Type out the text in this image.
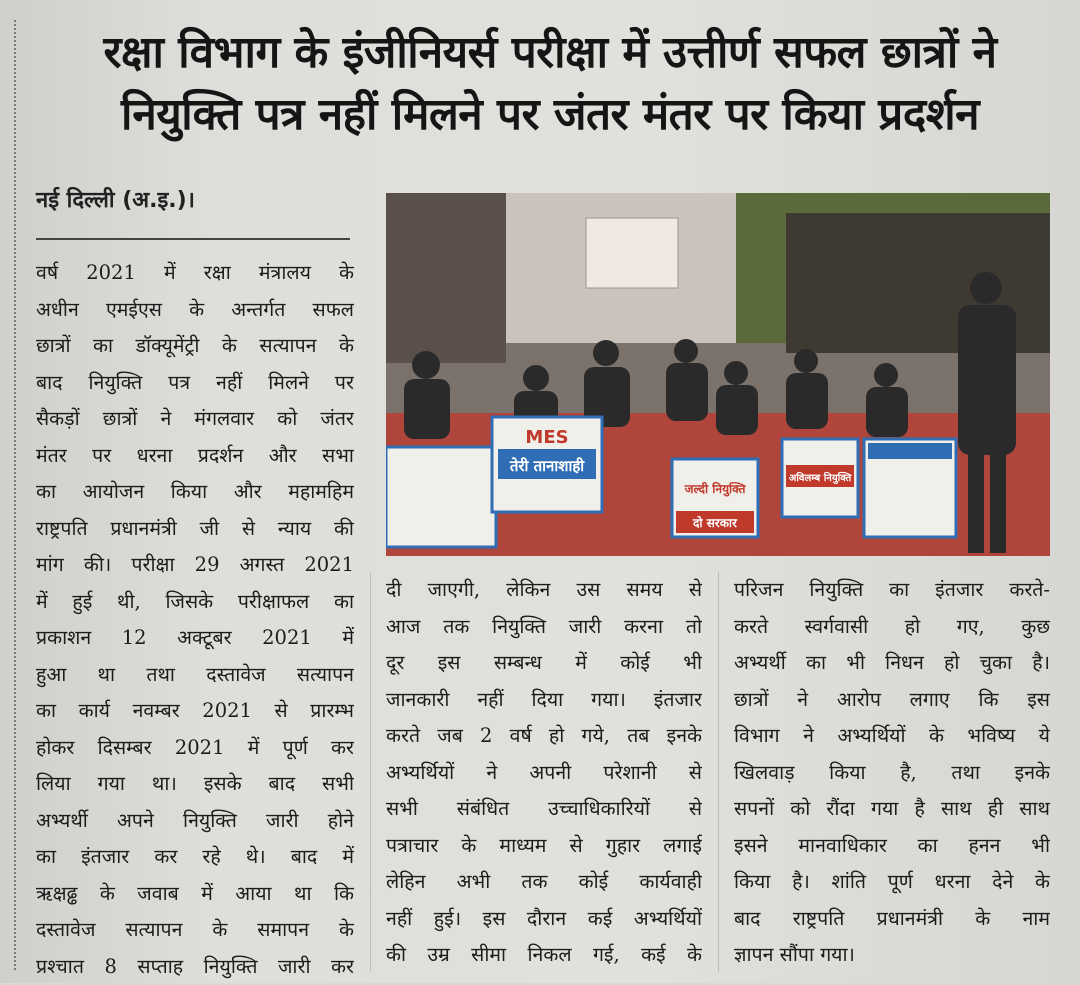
रक्षा विभाग के इंजीनियर्स परीक्षा में उत्तीर्ण सफल छात्रों ने
नियुक्ति पत्र नहीं मिलने पर जंतर मंतर पर किया प्रदर्शन
नई दिल्ली (अ.इ.)।
वर्ष 2021 में रक्षा मंत्रालय के
अधीन एमईएस के अन्तर्गत सफल
छात्रों का डॉक्यूमेंट्री के सत्यापन के
बाद नियुक्ति पत्र नहीं मिलने पर
सैकड़ों छात्रों ने मंगलवार को जंतर
मंतर पर धरना प्रदर्शन और सभा
का आयोजन किया और महामहिम
राष्ट्रपति प्रधानमंत्री जी से न्याय की
मांग की। परीक्षा 29 अगस्त 2021
में हुई थी, जिसके परीक्षाफल का
प्रकाशन 12 अक्टूबर 2021 में
हुआ था तथा दस्तावेज सत्यापन
का कार्य नवम्बर 2021 से प्रारम्भ
होकर दिसम्बर 2021 में पूर्ण कर
लिया गया था। इसके बाद सभी
अभ्यर्थी अपने नियुक्ति जारी होने
का इंतजार कर रहे थे। बाद में
ऋक्षढ्ढ के जवाब में आया था कि
दस्तावेज सत्यापन के समापन के
प्रश्चात 8 सप्ताह नियुक्ति जारी कर
MES
तेरी तानाशाही
जल्दी नियुक्ति
दो सरकार
अविलम्ब नियुक्ति
दी जाएगी, लेकिन उस समय से
आज तक नियुक्ति जारी करना तो
दूर इस सम्बन्ध में कोई भी
जानकारी नहीं दिया गया। इंतजार
करते जब 2 वर्ष हो गये, तब इनके
अभ्यर्थियों ने अपनी परेशानी से
सभी संबंधित उच्चाधिकारियों से
पत्राचार के माध्यम से गुहार लगाई
लेहिन अभी तक कोई कार्यवाही
नहीं हुई। इस दौरान कई अभ्यर्थियों
की उम्र सीमा निकल गई, कई के
परिजन नियुक्ति का इंतजार करते-
करते स्वर्गवासी हो गए, कुछ
अभ्यर्थी का भी निधन हो चुका है।
छात्रों ने आरोप लगाए कि इस
विभाग ने अभ्यर्थियों के भविष्य ये
खिलवाड़ किया है, तथा इनके
सपनों को रौंदा गया है साथ ही साथ
इसने मानवाधिकार का हनन भी
किया है। शांति पूर्ण धरना देने के
बाद राष्ट्रपति प्रधानमंत्री के नाम
ज्ञापन सौंपा गया।
